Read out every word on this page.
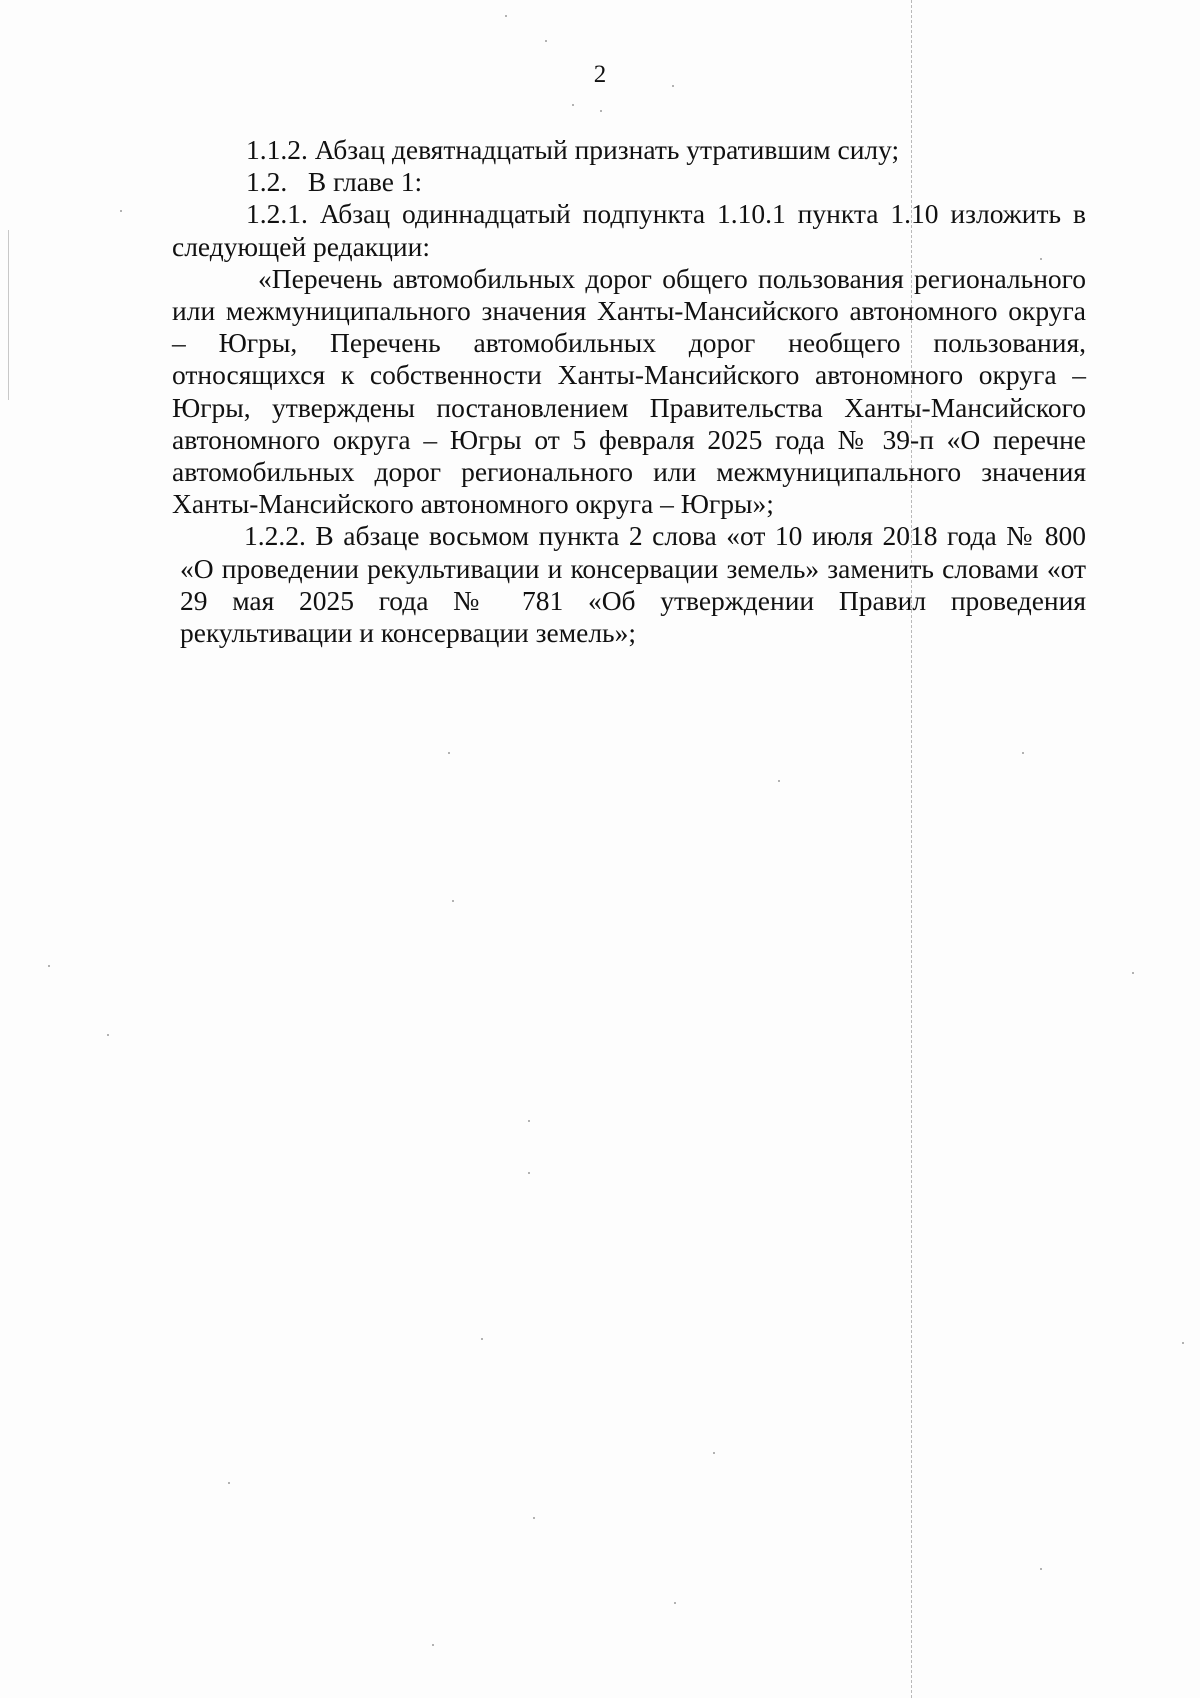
2

1.1.2. Абзац девятнадцатый признать утратившим силу;

1.2.   В главе 1:

1.2.1. Абзац одиннадцатый подпункта 1.10.1 пункта 1.10 изложить в следующей редакции:

«Перечень автомобильных дорог общего пользования регионального или межмуниципального значения Ханты-Мансийского автономного округа – Югры, Перечень автомобильных дорог необщего пользования, относящихся к собственности Ханты-Мансийского автономного округа – Югры, утверждены постановлением Правительства Ханты-Мансийского автономного округа – Югры от 5 февраля 2025 года № 39-п «О перечне автомобильных дорог регионального или межмуниципального значения Ханты-Мансийского автономного округа – Югры»;

1.2.2. В абзаце восьмом пункта 2 слова «от 10 июля 2018 года № 800 «О проведении рекультивации и консервации земель» заменить словами «от 29 мая 2025 года № 781 «Об утверждении Правил проведения рекультивации и консервации земель»;
